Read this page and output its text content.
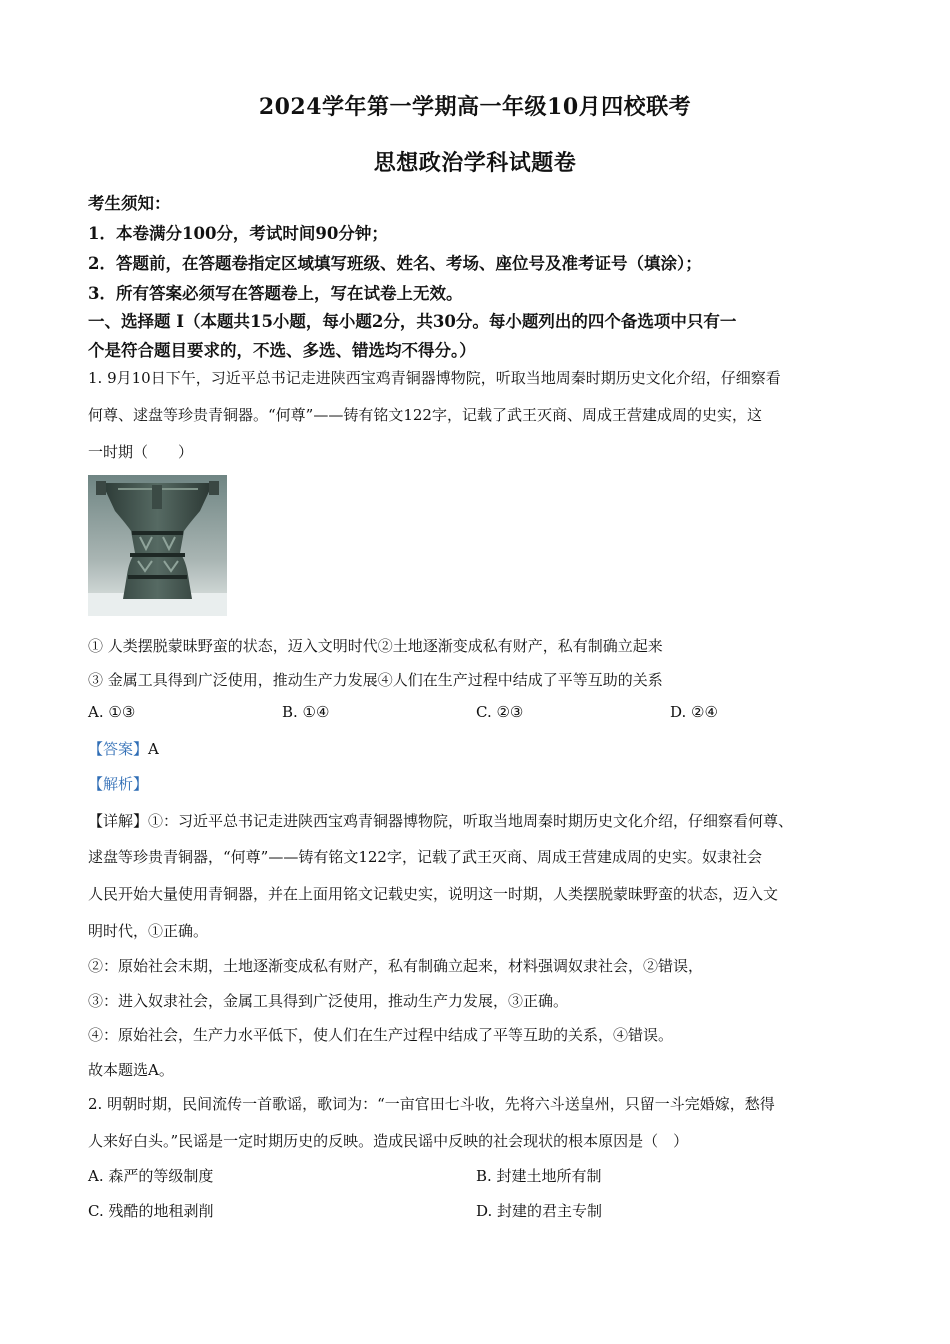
2024学年第一学期高一年级10月四校联考
思想政治学科试题卷
考生须知：
1．本卷满分100分，考试时间90分钟；
2．答题前，在答题卷指定区域填写班级、姓名、考场、座位号及准考证号（填涂）；
3．所有答案必须写在答题卷上，写在试卷上无效。
一、选择题 Ⅰ（本题共15小题，每小题2分，共30分。每小题列出的四个备选项中只有一
个是符合题目要求的，不选、多选、错选均不得分。）
1. 9月10日下午，习近平总书记走进陕西宝鸡青铜器博物院，听取当地周秦时期历史文化介绍，仔细察看
何尊、逑盘等珍贵青铜器。“何尊”——铸有铭文122字，记载了武王灭商、周成王营建成周的史实，这
一时期（　　）
① 人类摆脱蒙昧野蛮的状态，迈入文明时代②土地逐渐变成私有财产，私有制确立起来
③ 金属工具得到广泛使用，推动生产力发展④人们在生产过程中结成了平等互助的关系
A. ①③	B. ①④	C. ②③	D. ②④
【答案】A
【解析】
【详解】①：习近平总书记走进陕西宝鸡青铜器博物院，听取当地周秦时期历史文化介绍，仔细察看何尊、
逑盘等珍贵青铜器，“何尊”——铸有铭文122字，记载了武王灭商、周成王营建成周的史实。奴隶社会
人民开始大量使用青铜器，并在上面用铭文记载史实，说明这一时期，人类摆脱蒙昧野蛮的状态，迈入文
明时代，①正确。
②：原始社会末期，土地逐渐变成私有财产，私有制确立起来，材料强调奴隶社会，②错误，
③：进入奴隶社会，金属工具得到广泛使用，推动生产力发展，③正确。
④：原始社会，生产力水平低下，使人们在生产过程中结成了平等互助的关系，④错误。
故本题选A。
2. 明朝时期，民间流传一首歌谣，歌词为：“一亩官田七斗收，先将六斗送皇州，只留一斗完婚嫁，愁得
人来好白头。”民谣是一定时期历史的反映。造成民谣中反映的社会现状的根本原因是（　）
A. 森严的等级制度	B. 封建土地所有制
C. 残酷的地租剥削	D. 封建的君主专制
